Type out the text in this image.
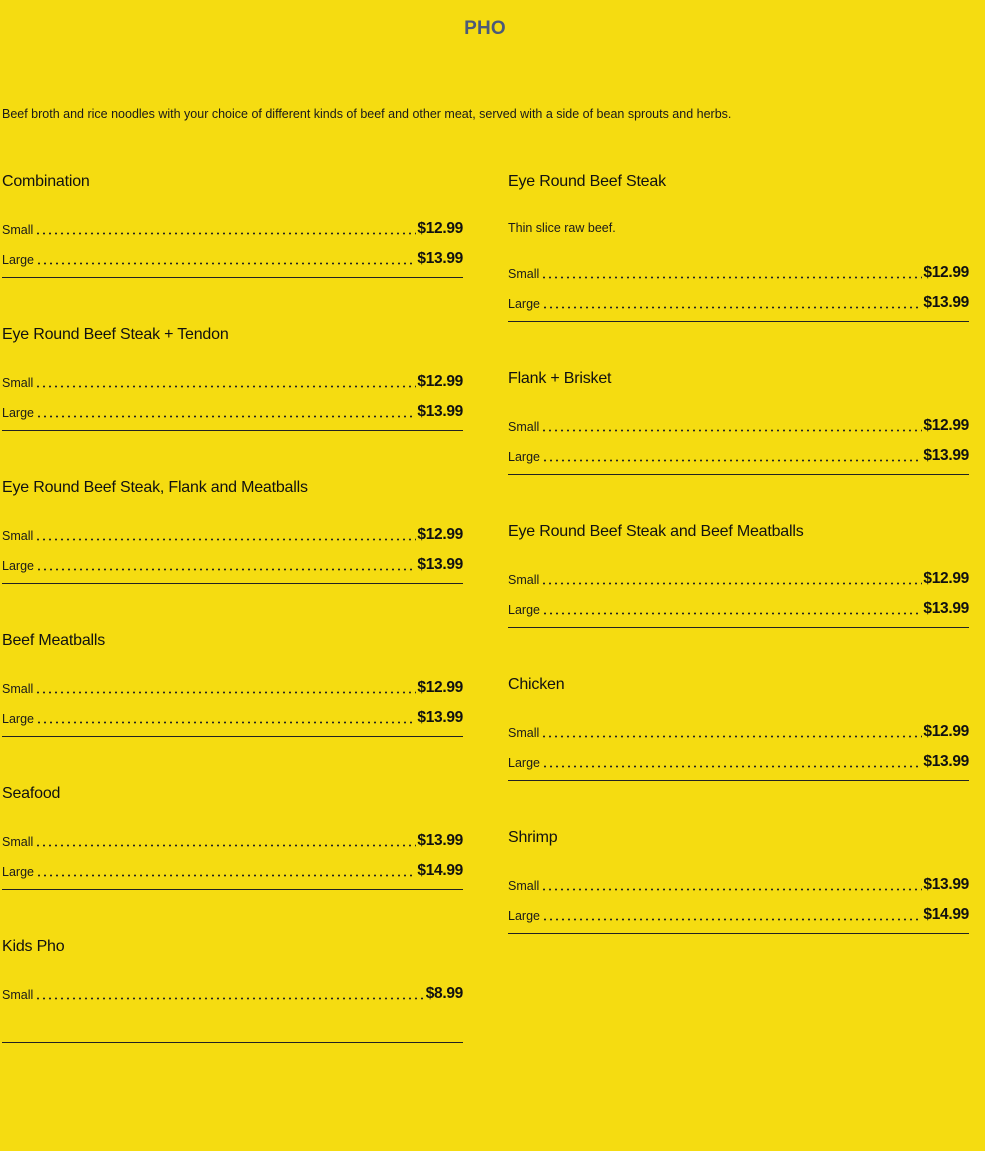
PHO
Beef broth and rice noodles with your choice of different kinds of beef and other meat, served with a side of bean sprouts and herbs.
Combination
Small	$12.99
Large	$13.99
Eye Round Beef Steak + Tendon
Small	$12.99
Large	$13.99
Eye Round Beef Steak, Flank and Meatballs
Small	$12.99
Large	$13.99
Beef Meatballs
Small	$12.99
Large	$13.99
Seafood
Small	$13.99
Large	$14.99
Kids Pho
Small	$8.99
Eye Round Beef Steak
Thin slice raw beef.
Small	$12.99
Large	$13.99
Flank + Brisket
Small	$12.99
Large	$13.99
Eye Round Beef Steak and Beef Meatballs
Small	$12.99
Large	$13.99
Chicken
Small	$12.99
Large	$13.99
Shrimp
Small	$13.99
Large	$14.99
